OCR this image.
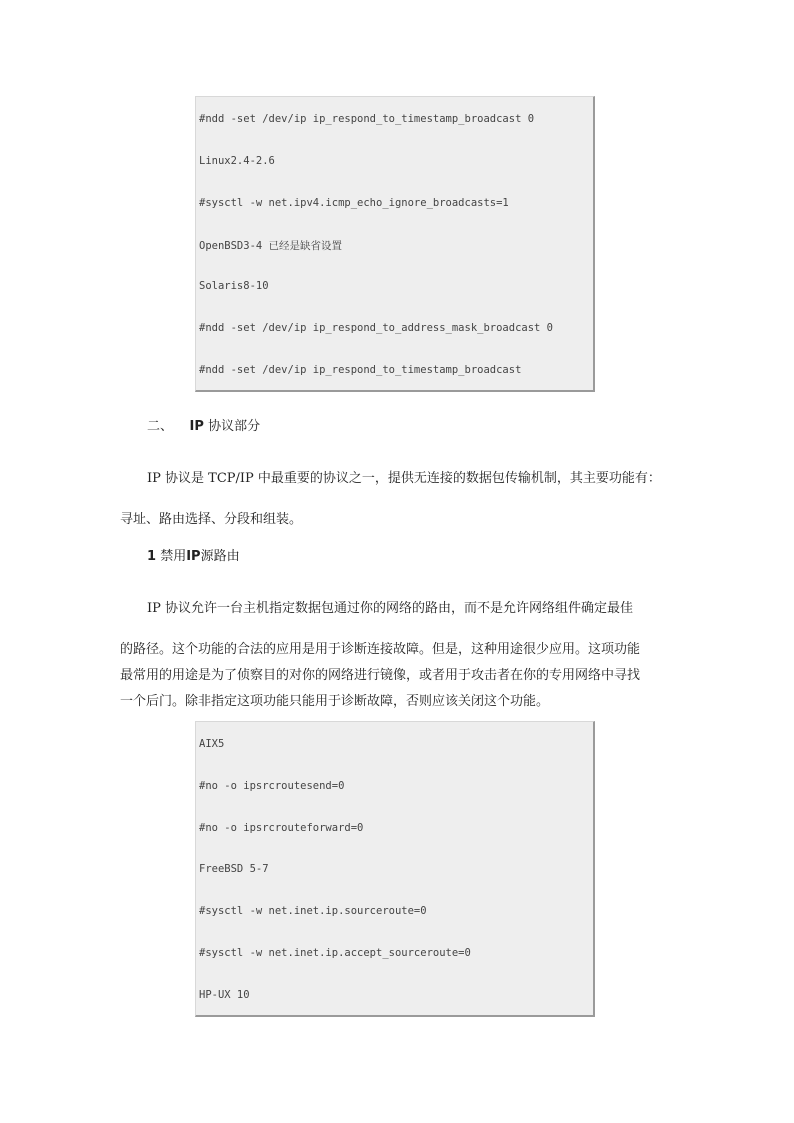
#ndd -set /dev/ip ip_respond_to_timestamp_broadcast 0
Linux2.4-2.6
#sysctl -w net.ipv4.icmp_echo_ignore_broadcasts=1
OpenBSD3-4 已经是缺省设置
Solaris8-10
#ndd -set /dev/ip ip_respond_to_address_mask_broadcast 0
#ndd -set /dev/ip ip_respond_to_timestamp_broadcast
二、 IP 协议部分
IP 协议是 TCP/IP 中最重要的协议之一，提供无连接的数据包传输机制，其主要功能有：
寻址、路由选择、分段和组装。
1 禁用IP源路由
IP 协议允许一台主机指定数据包通过你的网络的路由，而不是允许网络组件确定最佳
的路径。这个功能的合法的应用是用于诊断连接故障。但是，这种用途很少应用。这项功能
最常用的用途是为了侦察目的对你的网络进行镜像，或者用于攻击者在你的专用网络中寻找
一个后门。除非指定这项功能只能用于诊断故障，否则应该关闭这个功能。
AIX5
#no -o ipsrcroutesend=0
#no -o ipsrcrouteforward=0
FreeBSD 5-7
#sysctl -w net.inet.ip.sourceroute=0
#sysctl -w net.inet.ip.accept_sourceroute=0
HP-UX 10
